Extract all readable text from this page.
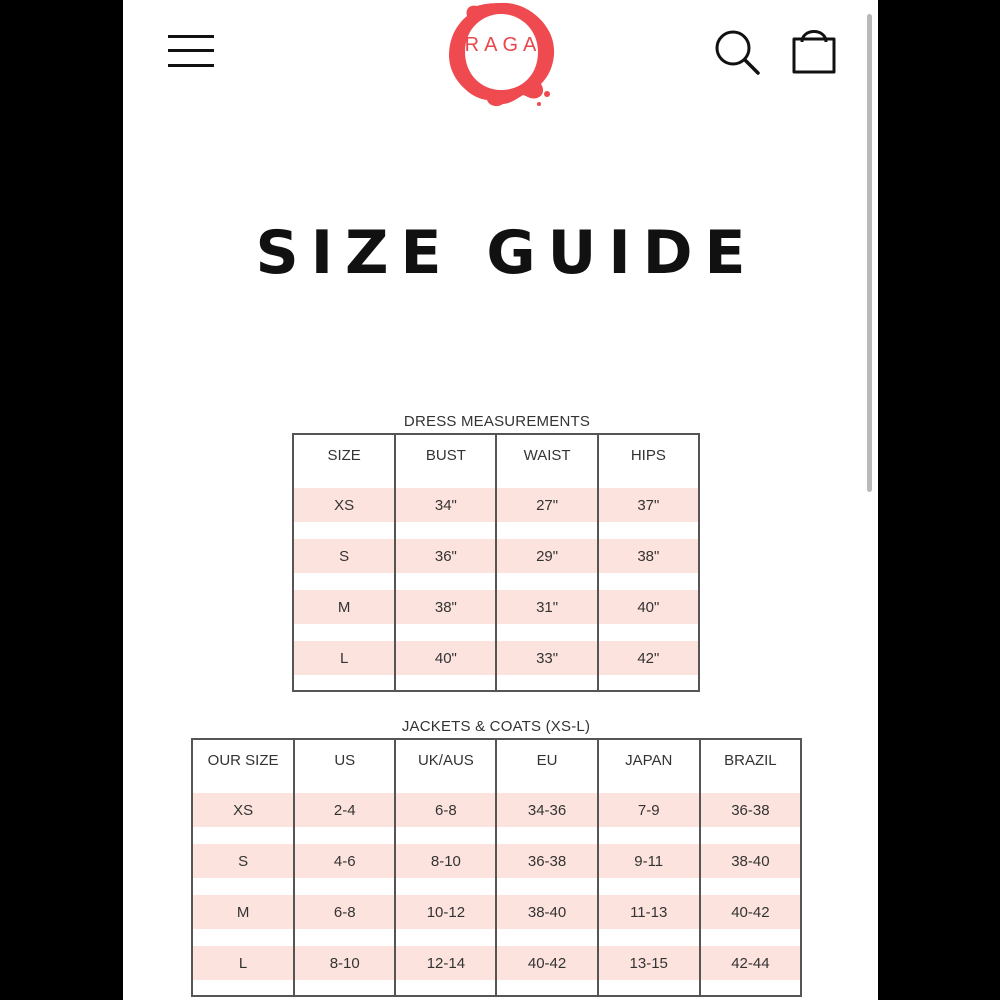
RAGA
SIZE GUIDE
DRESS MEASUREMENTS
SIZE	BUST	WAIST	HIPS

XS	34"	27"	37"

S	36"	29"	38"

M	38"	31"	40"

L	40"	33"	42"

JACKETS & COATS (XS-L)
OUR SIZE	US	UK/AUS	EU	JAPAN	BRAZIL

XS	2-4	6-8	34-36	7-9	36-38

S	4-6	8-10	36-38	9-11	38-40

M	6-8	10-12	38-40	11-13	40-42

L	8-10	12-14	40-42	13-15	42-44
